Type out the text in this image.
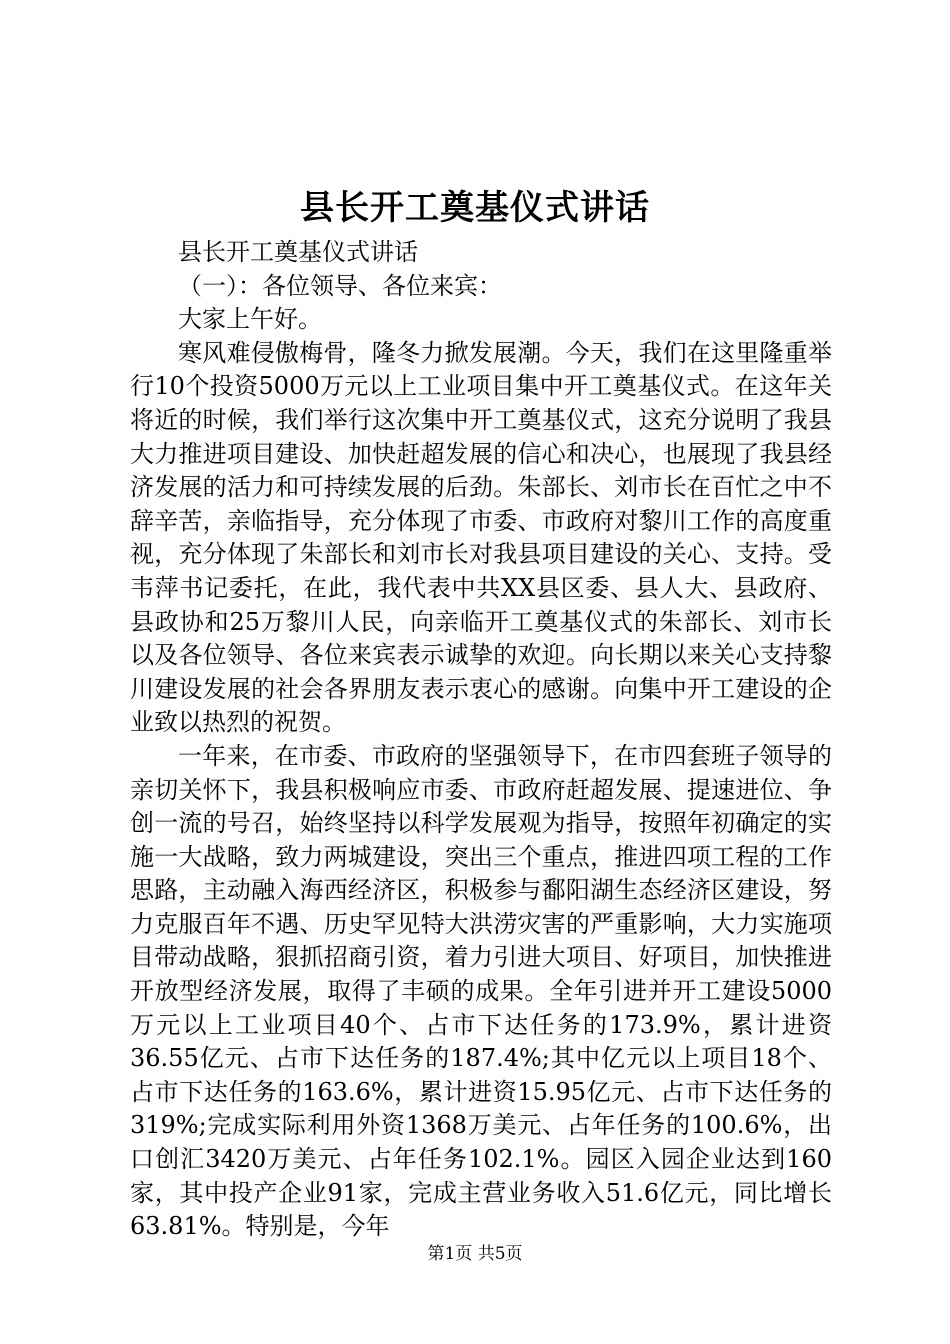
县长开工奠基仪式讲话

县长开工奠基仪式讲话

（一）：各位领导、各位来宾：

大家上午好。

寒风难侵傲梅骨，隆冬力掀发展潮。今天，我们在这里隆重举行10个投资5000万元以上工业项目集中开工奠基仪式。在这年关将近的时候，我们举行这次集中开工奠基仪式，这充分说明了我县大力推进项目建设、加快赶超发展的信心和决心，也展现了我县经济发展的活力和可持续发展的后劲。朱部长、刘市长在百忙之中不辞辛苦，亲临指导，充分体现了市委、市政府对黎川工作的高度重视，充分体现了朱部长和刘市长对我县项目建设的关心、支持。受韦萍书记委托，在此，我代表中共XX县区委、县人大、县政府、县政协和25万黎川人民，向亲临开工奠基仪式的朱部长、刘市长以及各位领导、各位来宾表示诚挚的欢迎。向长期以来关心支持黎川建设发展的社会各界朋友表示衷心的感谢。向集中开工建设的企业致以热烈的祝贺。

一年来，在市委、市政府的坚强领导下，在市四套班子领导的亲切关怀下，我县积极响应市委、市政府赶超发展、提速进位、争创一流的号召，始终坚持以科学发展观为指导，按照年初确定的实施一大战略，致力两城建设，突出三个重点，推进四项工程的工作思路，主动融入海西经济区，积极参与鄱阳湖生态经济区建设，努力克服百年不遇、历史罕见特大洪涝灾害的严重影响，大力实施项目带动战略，狠抓招商引资，着力引进大项目、好项目，加快推进开放型经济发展，取得了丰硕的成果。全年引进并开工建设5000万元以上工业项目40个、占市下达任务的173.9%，累计进资36.55亿元、占市下达任务的187.4%;其中亿元以上项目18个、占市下达任务的163.6%，累计进资15.95亿元、占市下达任务的319%;完成实际利用外资1368万美元、占年任务的100.6%，出口创汇3420万美元、占年任务102.1%。园区入园企业达到160家，其中投产企业91家，完成主营业务收入51.6亿元，同比增长63.81%。特别是，今年

第1页 共5页
